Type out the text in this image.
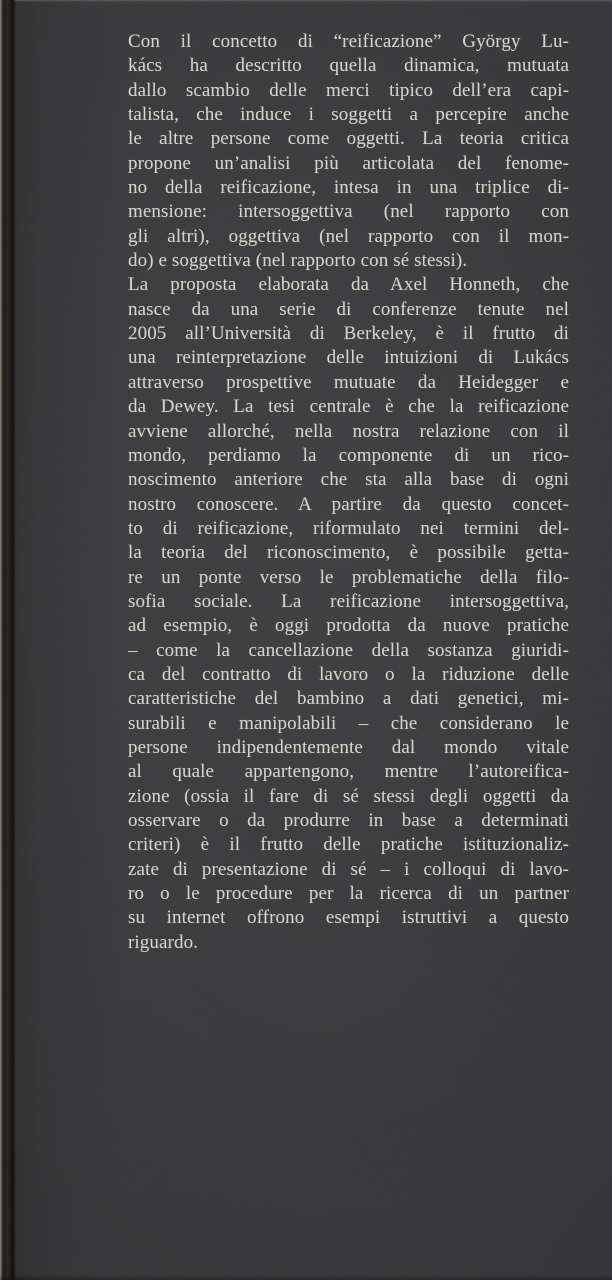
Con il concetto di “reificazione” György Lu-
kács ha descritto quella dinamica, mutuata
dallo scambio delle merci tipico dell’era capi-
talista, che induce i soggetti a percepire anche
le altre persone come oggetti. La teoria critica
propone un’analisi più articolata del fenome-
no della reificazione, intesa in una triplice di-
mensione: intersoggettiva (nel rapporto con
gli altri), oggettiva (nel rapporto con il mon-
do) e soggettiva (nel rapporto con sé stessi).
La proposta elaborata da Axel Honneth, che
nasce da una serie di conferenze tenute nel
2005 all’Università di Berkeley, è il frutto di
una reinterpretazione delle intuizioni di Lukács
attraverso prospettive mutuate da Heidegger e
da Dewey. La tesi centrale è che la reificazione
avviene allorché, nella nostra relazione con il
mondo, perdiamo la componente di un rico-
noscimento anteriore che sta alla base di ogni
nostro conoscere. A partire da questo concet-
to di reificazione, riformulato nei termini del-
la teoria del riconoscimento, è possibile getta-
re un ponte verso le problematiche della filo-
sofia sociale. La reificazione intersoggettiva,
ad esempio, è oggi prodotta da nuove pratiche
– come la cancellazione della sostanza giuridi-
ca del contratto di lavoro o la riduzione delle
caratteristiche del bambino a dati genetici, mi-
surabili e manipolabili – che considerano le
persone indipendentemente dal mondo vitale
al quale appartengono, mentre l’autoreifica-
zione (ossia il fare di sé stessi degli oggetti da
osservare o da produrre in base a determinati
criteri) è il frutto delle pratiche istituzionaliz-
zate di presentazione di sé – i colloqui di lavo-
ro o le procedure per la ricerca di un partner
su internet offrono esempi istruttivi a questo
riguardo.
